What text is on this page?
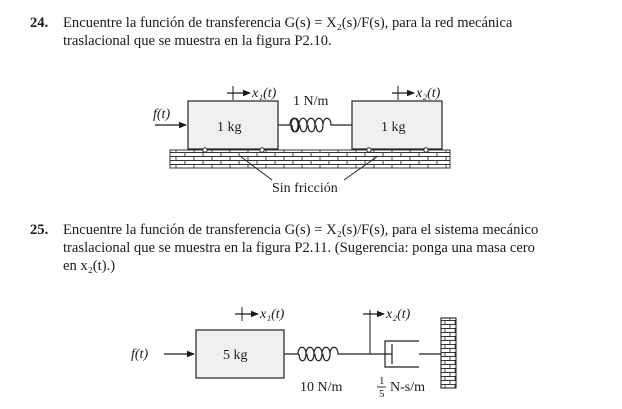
24. Encuentre la función de transferencia G(s) = X₂(s)/F(s), para la red mecánica
traslacional que se muestra en la figura P2.10.
25. Encuentre la función de transferencia G(s) = X₂(s)/F(s), para el sistema mecánico
traslacional que se muestra en la figura P2.11. (Sugerencia: ponga una masa cero
en x₂(t).)
1 kg	1 kg
1 N/m
f(t)
x₁(t)	x₂(t)
Sin fricción
f(t)	5 kg
x₁(t)
10 N/m
x₂(t)
1
5 N-s/m
